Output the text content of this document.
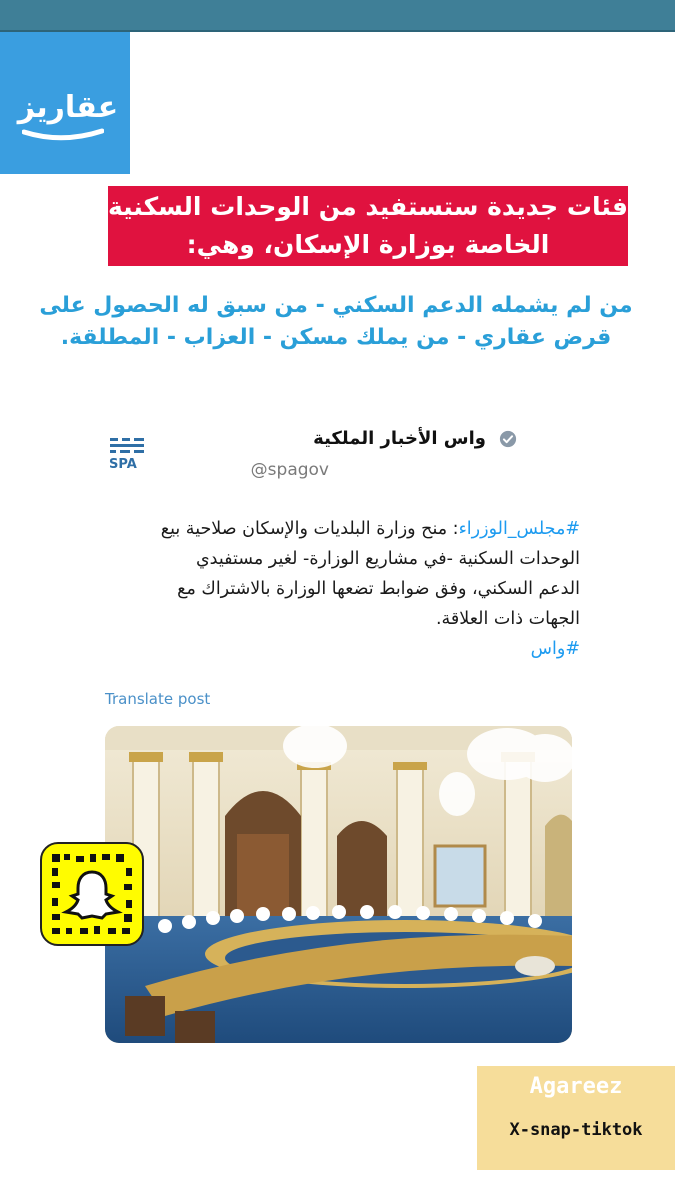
عقاريز
فئات جديدة ستستفيد من الوحدات السكنية
الخاصة بوزارة الإسكان، وهي:
من لم يشمله الدعم السكني - من سبق له الحصول على
قرض عقاري - من يملك مسكن - العزاب - المطلقة.
SPA
واس الأخبار الملكية
@spagov
#مجلس_الوزراء: منح وزارة البلديات والإسكان صلاحية بيع
الوحدات السكنية -في مشاريع الوزارة- لغير مستفيدي
الدعم السكني، وفق ضوابط تضعها الوزارة بالاشتراك مع
الجهات ذات العلاقة.
#واس
Translate post
Agareez
X-snap-tiktok
